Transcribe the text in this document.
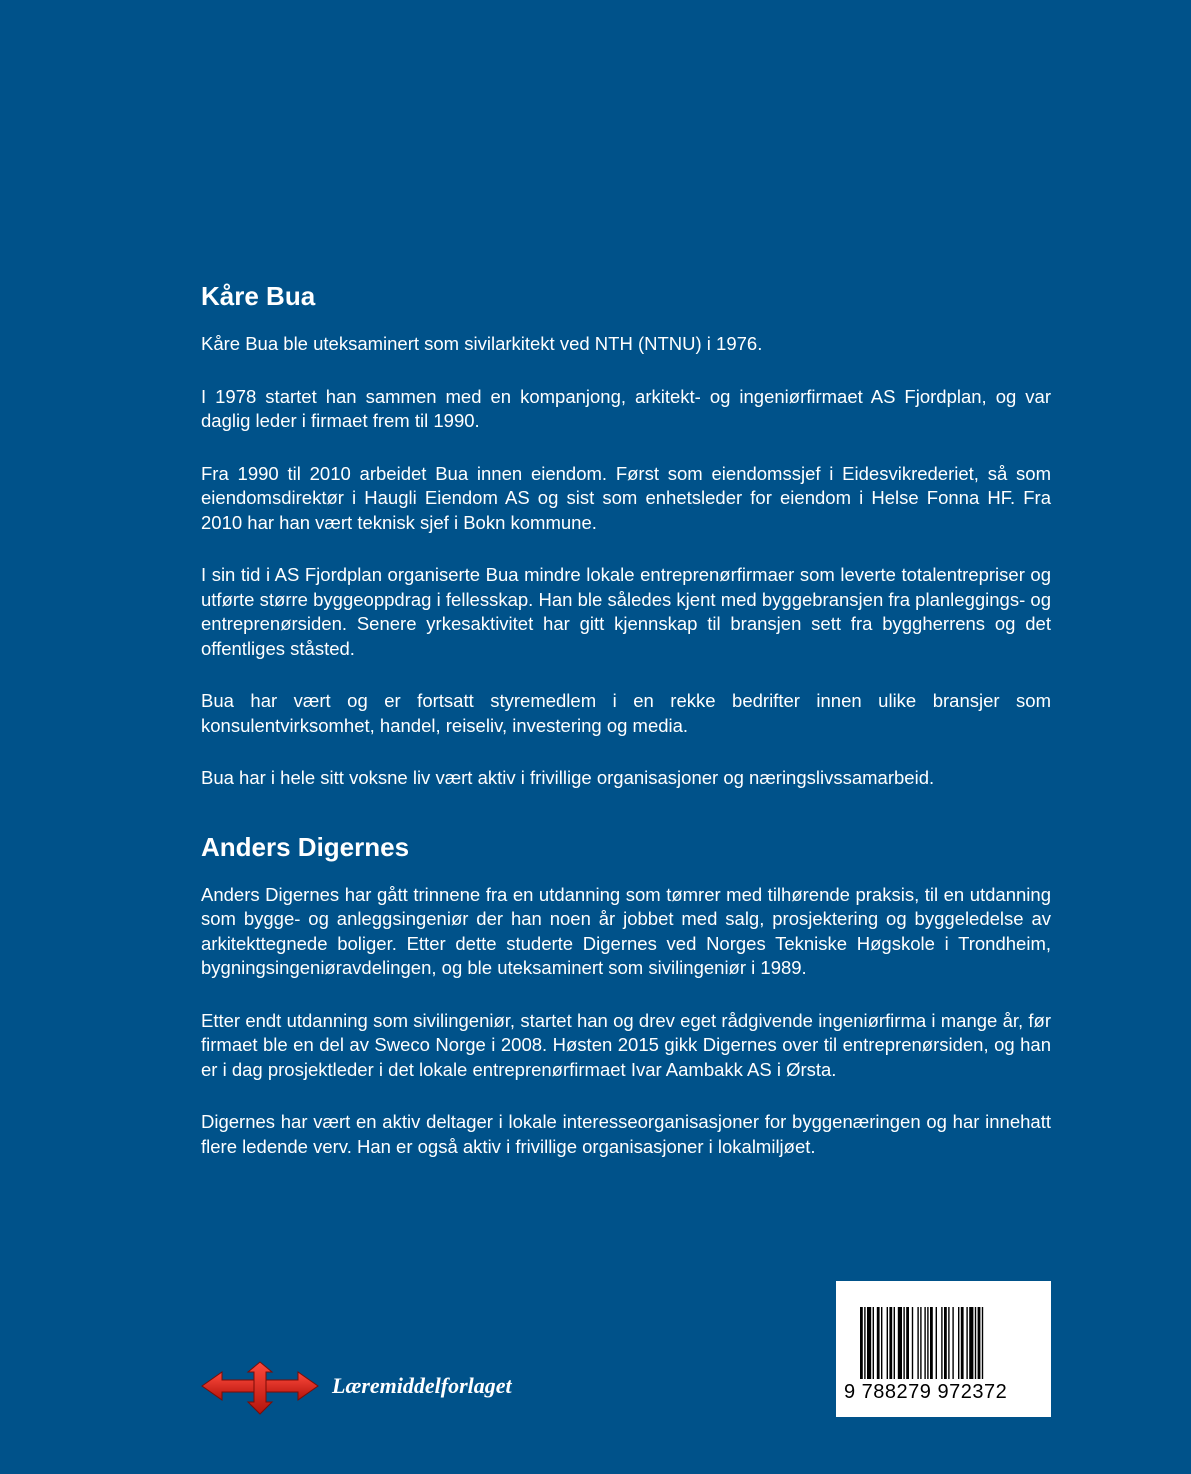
Kåre Bua

Kåre Bua ble uteksaminert som sivilarkitekt ved NTH (NTNU) i 1976.

I 1978 startet han sammen med en kompanjong, arkitekt- og ingeniørfirmaet AS Fjordplan, og var daglig leder i firmaet frem til 1990.

Fra 1990 til 2010 arbeidet Bua innen eiendom. Først som eiendomssjef i Eidesvikrederiet, så som eiendomsdirektør i Haugli Eiendom AS og sist som enhetsleder for eiendom i Helse Fonna HF. Fra 2010 har han vært teknisk sjef i Bokn kommune.

I sin tid i AS Fjordplan organiserte Bua mindre lokale entreprenørfirmaer som leverte totalentrepriser og utførte større byggeoppdrag i fellesskap. Han ble således kjent med byggebransjen fra planleggings- og entreprenørsiden. Senere yrkesaktivitet har gitt kjennskap til bransjen sett fra byggherrens og det offentliges ståsted.

Bua har vært og er fortsatt styremedlem i en rekke bedrifter innen ulike bransjer som konsulentvirksomhet, handel, reiseliv, investering og media.

Bua har i hele sitt voksne liv vært aktiv i frivillige organisasjoner og næringslivssamarbeid.

Anders Digernes

Anders Digernes har gått trinnene fra en utdanning som tømrer med tilhørende praksis, til en utdanning som bygge- og anleggsingeniør der han noen år jobbet med salg, prosjektering og byggeledelse av arkitekttegnede boliger. Etter dette studerte Digernes ved Norges Tekniske Høgskole i Trondheim, bygningsingeniøravdelingen, og ble uteksaminert som sivilingeniør i 1989.

Etter endt utdanning som sivilingeniør, startet han og drev eget rådgivende ingeniørfirma i mange år, før firmaet ble en del av Sweco Norge i 2008. Høsten 2015 gikk Digernes over til entreprenørsiden, og han er i dag prosjektleder i det lokale entreprenørfirmaet Ivar Aambakk AS i Ørsta.

Digernes har vært en aktiv deltager i lokale interesseorganisasjoner for byggenæringen og har innehatt flere ledende verv. Han er også aktiv i frivillige organisasjoner i lokalmiljøet.

Læremiddelforlaget	9 788279 972372
